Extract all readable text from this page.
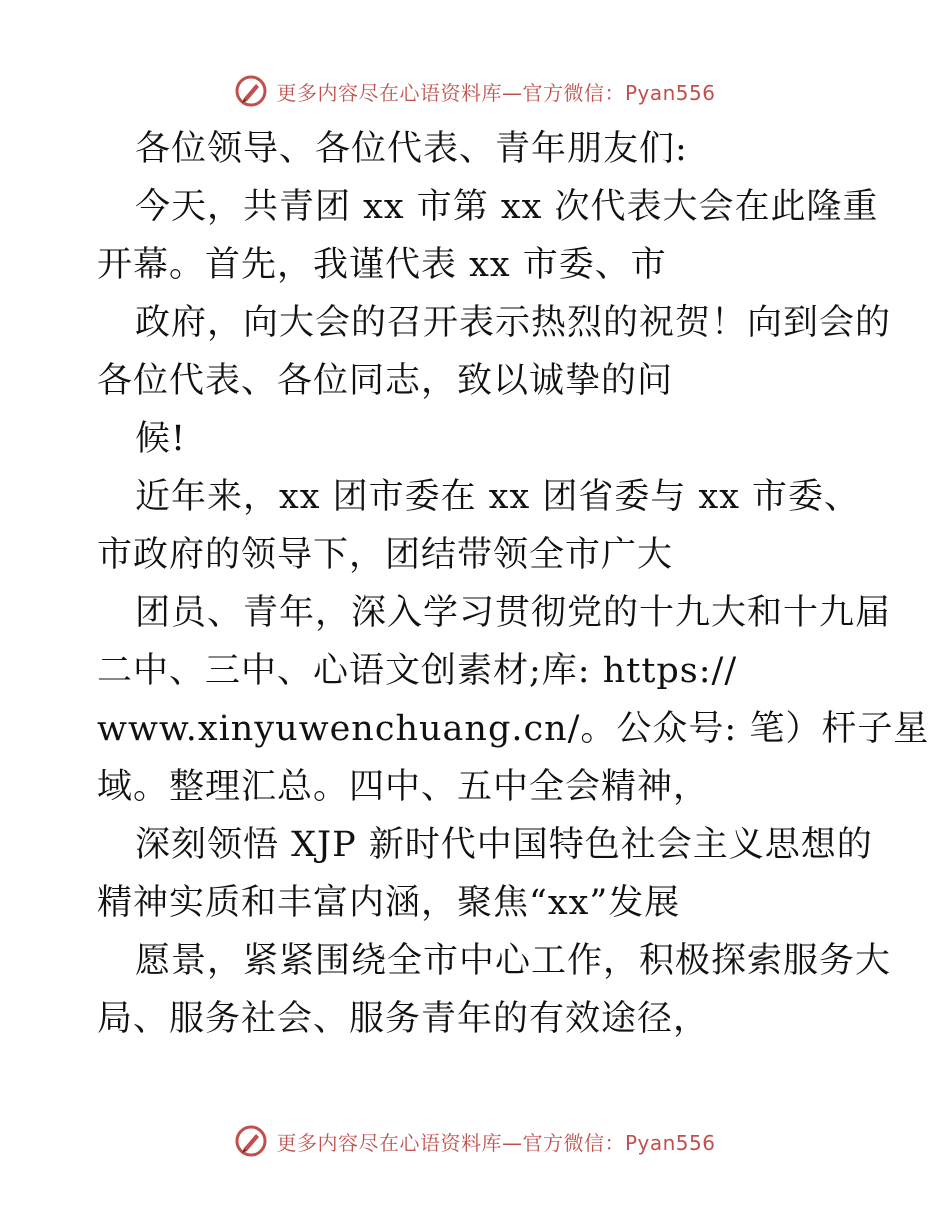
更多内容尽在心语资料库—官方微信：Pyan556
各位领导、各位代表、青年朋友们:
今天，共青团 xx 市第 xx 次代表大会在此隆重
开幕。首先，我谨代表 xx 市委、市
政府，向大会的召开表示热烈的祝贺！向到会的
各位代表、各位同志，致以诚挚的问
候!
近年来，xx 团市委在 xx 团省委与 xx 市委、
市政府的领导下，团结带领全市广大
团员、青年，深入学习贯彻党的十九大和十九届
二中、三中、心语文创素材;库: https://
www.xinyuwenchuang.cn/。公众号: 笔）杆子星
域。整理汇总。四中、五中全会精神，
深刻领悟 XJP 新时代中国特色社会主义思想的
精神实质和丰富内涵，聚焦“xx”发展
愿景，紧紧围绕全市中心工作，积极探索服务大
局、服务社会、服务青年的有效途径，
更多内容尽在心语资料库—官方微信：Pyan556
